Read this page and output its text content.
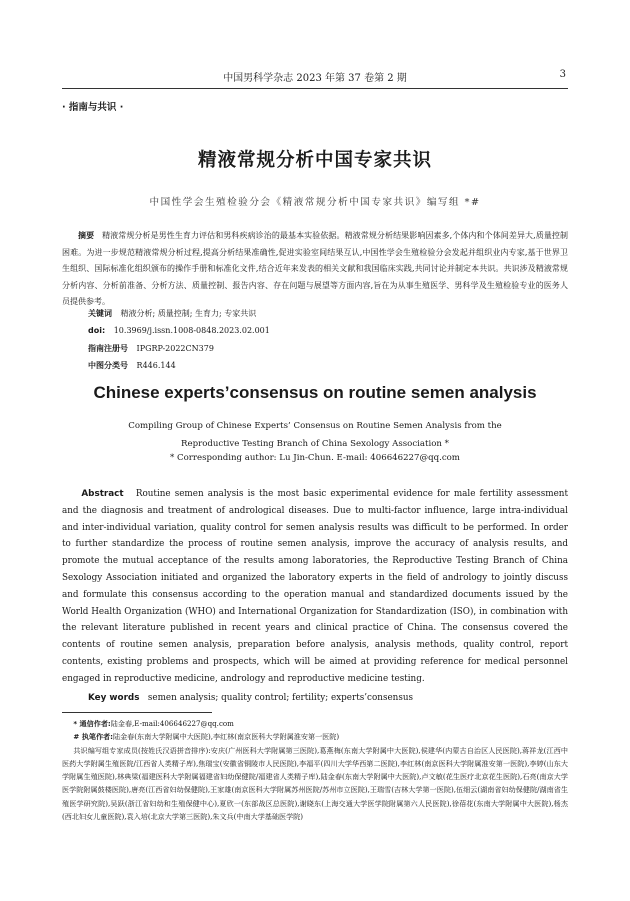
中国男科学杂志 2023 年第 37 卷第 2 期	3
· 指南与共识 ·
精液常规分析中国专家共识
中国性学会生殖检验分会《精液常规分析中国专家共识》编写组 *#
摘要 精液常规分析是男性生育力评估和男科疾病诊治的最基本实验依据。精液常规分析结果影响因素多,个体内和个体间差异大,质量控制困难。为进一步规范精液常规分析过程,提高分析结果准确性,促进实验室间结果互认,中国性学会生殖检验分会发起并组织业内专家,基于世界卫生组织、国际标准化组织颁布的操作手册和标准化文件,结合近年来发表的相关文献和我国临床实践,共同讨论并制定本共识。共识涉及精液常规分析内容、分析前准备、分析方法、质量控制、报告内容、存在问题与展望等方面内容,旨在为从事生殖医学、男科学及生殖检验专业的医务人员提供参考。
关键词 精液分析; 质量控制; 生育力; 专家共识
doi: 10.3969/j.issn.1008-0848.2023.02.001
指南注册号 IPGRP-2022CN379
中图分类号 R446.144
Chinese experts’consensus on routine semen analysis
Compiling Group of Chinese Experts’ Consensus on Routine Semen Analysis from the
Reproductive Testing Branch of China Sexology Association *
* Corresponding author: Lu Jin-Chun. E-mail: 406646227@qq.com
Abstract Routine semen analysis is the most basic experimental evidence for male fertility assessment and the diagnosis and treatment of andrological diseases. Due to multi-factor influence, large intra-individual and inter-individual variation, quality control for semen analysis results was difficult to be performed. In order to further standardize the process of routine semen analysis, improve the accuracy of analysis results, and promote the mutual acceptance of the results among laboratories, the Reproductive Testing Branch of China Sexology Association initiated and organized the laboratory experts in the field of andrology to jointly discuss and formulate this consensus according to the operation manual and standardized documents issued by the World Health Organization (WHO) and International Organization for Standardization (ISO), in combination with the relevant literature published in recent years and clinical practice of China. The consensus covered the contents of routine semen analysis, preparation before analysis, analysis methods, quality control, report contents, existing problems and prospects, which will be aimed at providing reference for medical personnel engaged in reproductive medicine, andrology and reproductive medicine testing.
Key words semen analysis; quality control; fertility; experts’consensus

* 通信作者:陆金春,E-mail:406646227@qq.com

# 执笔作者:陆金春(东南大学附属中大医院),李红林(南京医科大学附属淮安第一医院)

共识编写组专家成员(按姓氏汉语拼音排序):安庆(广州医科大学附属第三医院),葛燕梅(东南大学附属中大医院),侯建华(内蒙古自治区人民医院),蒋祥龙(江西中医药大学附属生殖医院/江西省人类精子库),焦瑞宝(安徽省铜陵市人民医院),李福平(四川大学华西第二医院),李红林(南京医科大学附属淮安第一医院),李婷(山东大学附属生殖医院),林典梁(福建医科大学附属福建省妇幼保健院/福建省人类精子库),陆金春(东南大学附属中大医院),卢文敏(花生医疗北京花生医院),石亮(南京大学医学院附属鼓楼医院),唐亮(江西省妇幼保健院),王家雄(南京医科大学附属苏州医院/苏州市立医院),王瑞雪(吉林大学第一医院),伍细云(湖南省妇幼保健院/湖南省生殖医学研究院),吴跃(浙江省妇幼和生殖保健中心),夏欣一(东部战区总医院),谢晓东(上海交通大学医学院附属第六人民医院),徐蓓花(东南大学附属中大医院),杨杰(西北妇女儿童医院),袁入培(北京大学第三医院),朱文兵(中南大学基础医学院)
